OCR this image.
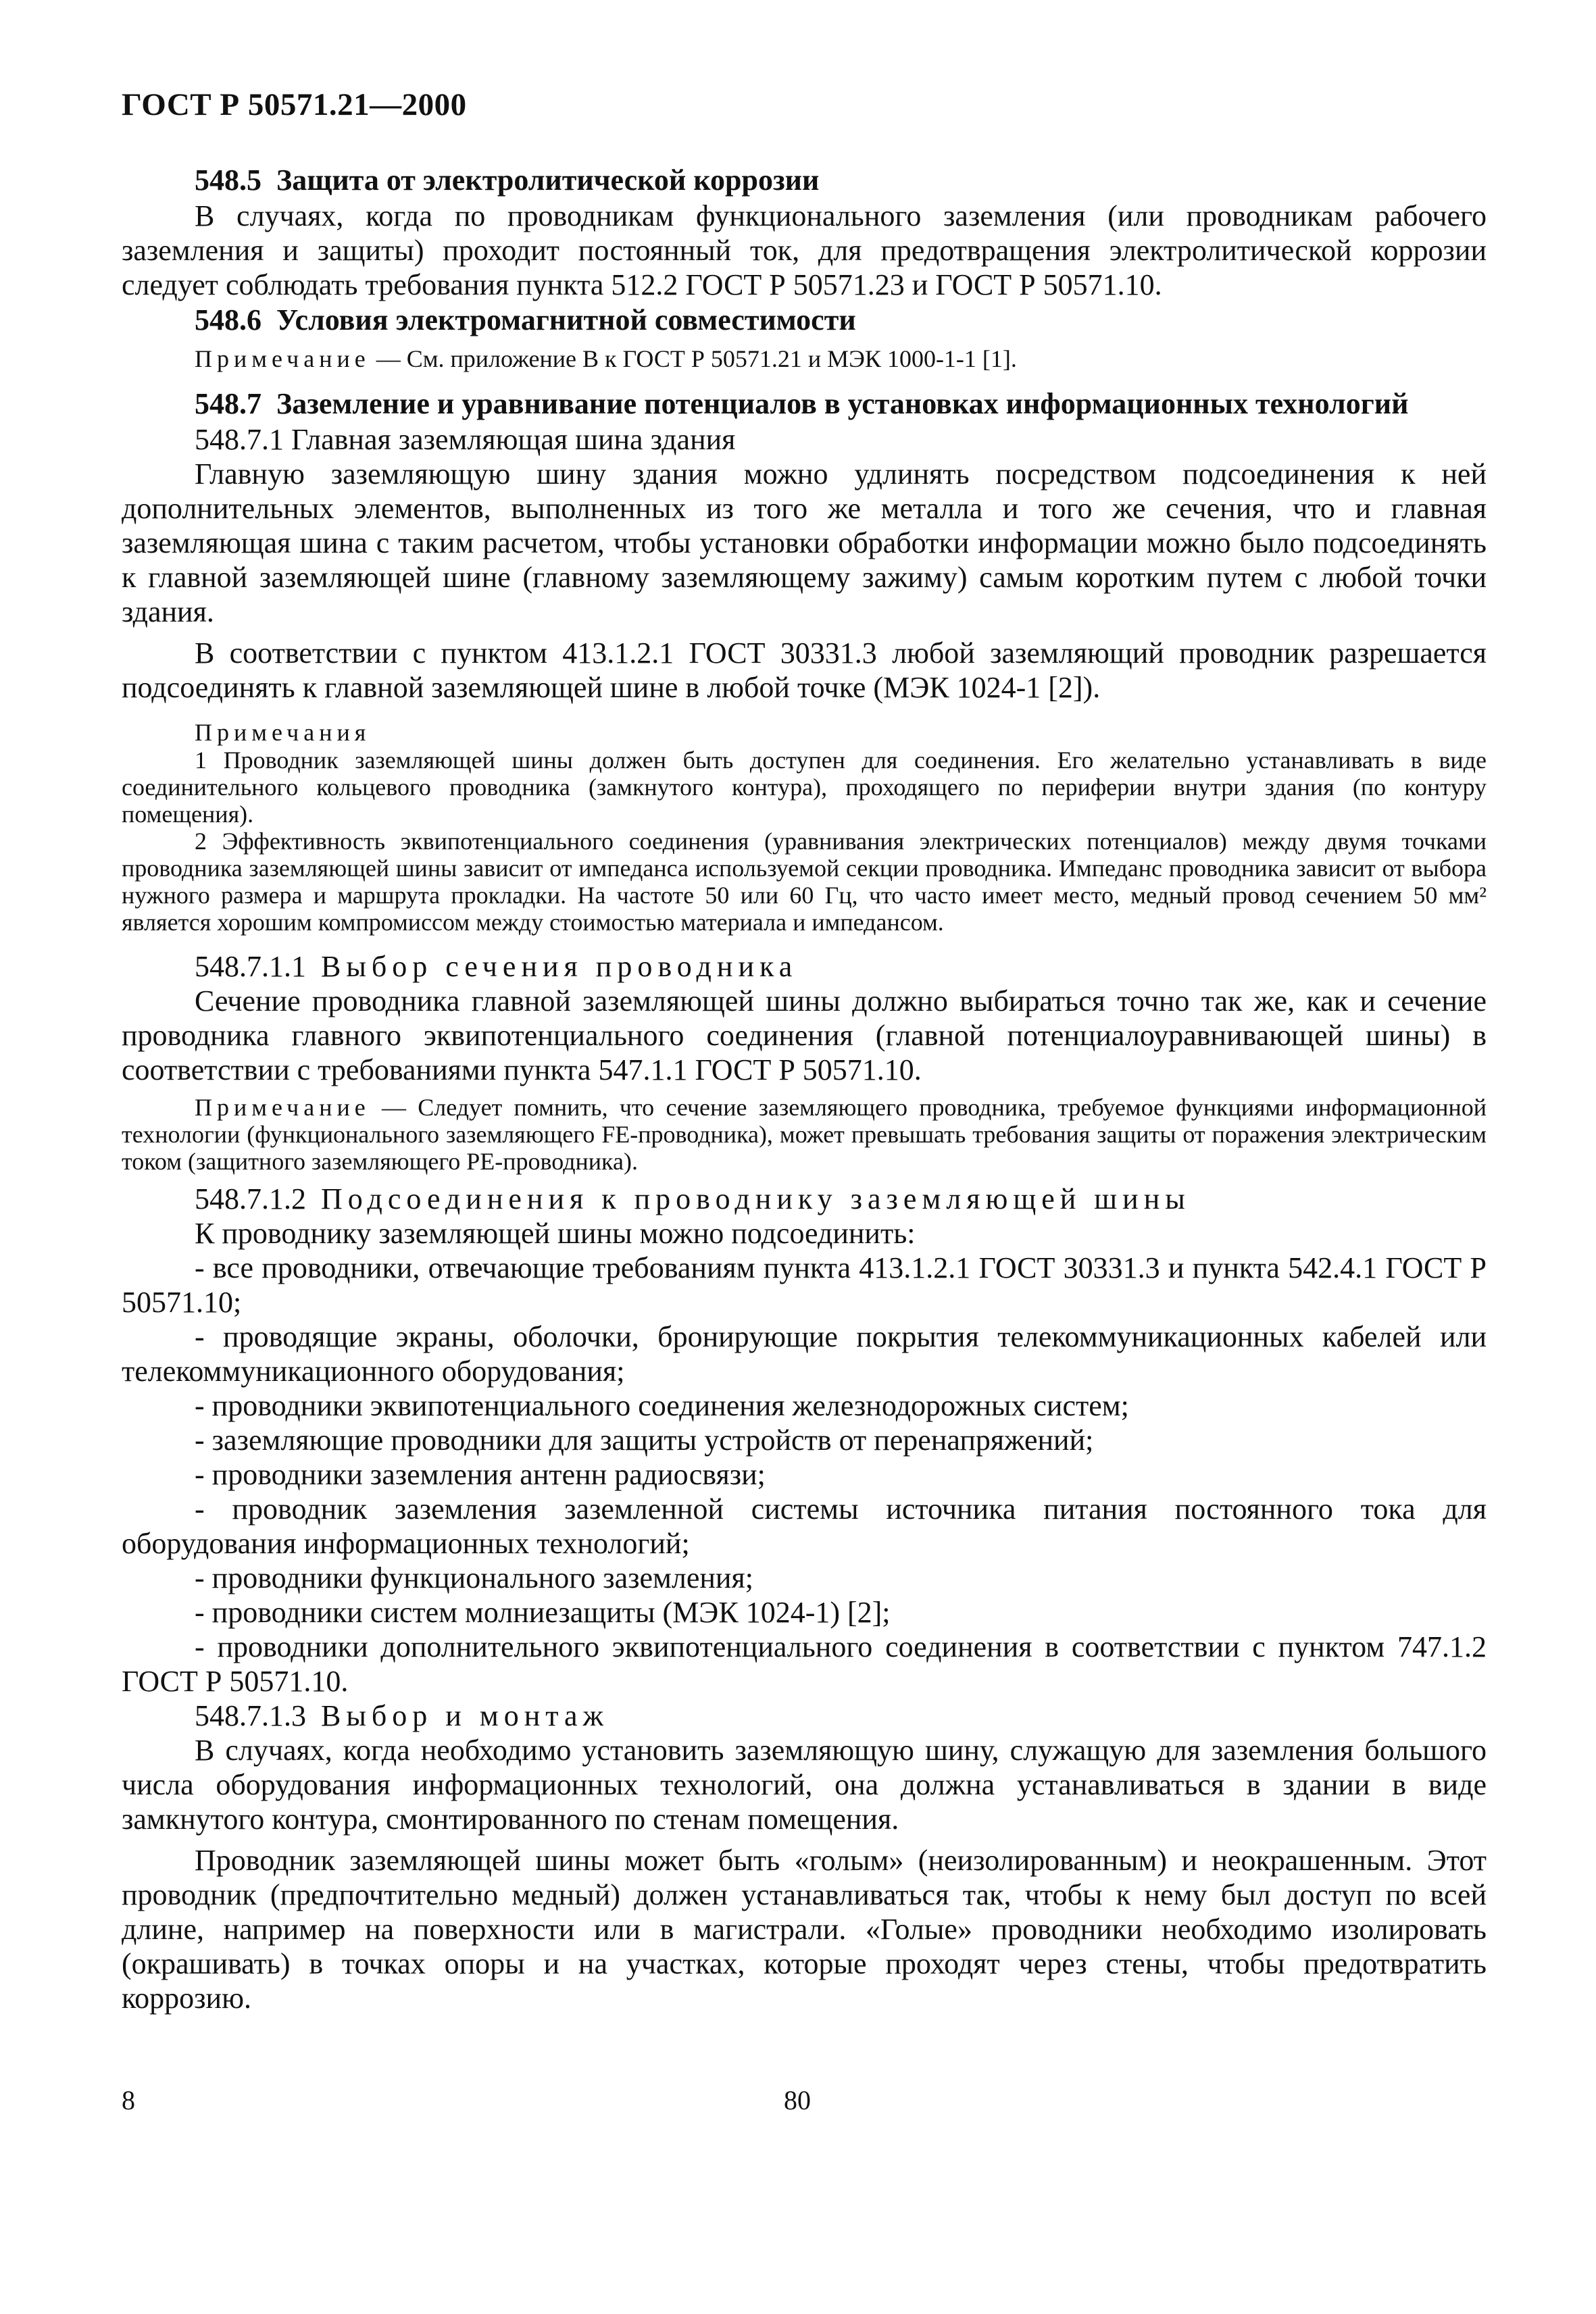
ГОСТ Р 50571.21—2000

548.5 Защита от электролитической коррозии

В случаях, когда по проводникам функционального заземления (или проводникам рабочего заземления и защиты) проходит постоянный ток, для предотвращения электролитической коррозии следует соблюдать требования пункта 512.2 ГОСТ Р 50571.23 и ГОСТ Р 50571.10.

548.6 Условия электромагнитной совместимости

Примечание — См. приложение В к ГОСТ Р 50571.21 и МЭК 1000-1-1 [1].

548.7 Заземление и уравнивание потенциалов в установках информационных технологий

548.7.1 Главная заземляющая шина здания

Главную заземляющую шину здания можно удлинять посредством подсоединения к ней дополнительных элементов, выполненных из того же металла и того же сечения, что и главная заземляющая шина с таким расчетом, чтобы установки обработки информации можно было подсоединять к главной заземляющей шине (главному заземляющему зажиму) самым коротким путем с любой точки здания.

В соответствии с пунктом 413.1.2.1 ГОСТ 30331.3 любой заземляющий проводник разрешается подсоединять к главной заземляющей шине в любой точке (МЭК 1024-1 [2]).

Примечания

1 Проводник заземляющей шины должен быть доступен для соединения. Его желательно устанавливать в виде соединительного кольцевого проводника (замкнутого контура), проходящего по периферии внутри здания (по контуру помещения).

2 Эффективность эквипотенциального соединения (уравнивания электрических потенциалов) между двумя точками проводника заземляющей шины зависит от импеданса используемой секции проводника. Импеданс проводника зависит от выбора нужного размера и маршрута прокладки. На частоте 50 или 60 Гц, что часто имеет место, медный провод сечением 50 мм² является хорошим компромиссом между стоимостью материала и импедансом.

548.7.1.1 Выбор сечения проводника

Сечение проводника главной заземляющей шины должно выбираться точно так же, как и сечение проводника главного эквипотенциального соединения (главной потенциалоуравнивающей шины) в соответствии с требованиями пункта 547.1.1 ГОСТ Р 50571.10.

Примечание — Следует помнить, что сечение заземляющего проводника, требуемое функциями информационной технологии (функционального заземляющего FE-проводника), может превышать требования защиты от поражения электрическим током (защитного заземляющего PE-проводника).

548.7.1.2 Подсоединения к проводнику заземляющей шины

К проводнику заземляющей шины можно подсоединить:

- все проводники, отвечающие требованиям пункта 413.1.2.1 ГОСТ 30331.3 и пункта 542.4.1 ГОСТ Р 50571.10;

- проводящие экраны, оболочки, бронирующие покрытия телекоммуникационных кабелей или телекоммуникационного оборудования;

- проводники эквипотенциального соединения железнодорожных систем;

- заземляющие проводники для защиты устройств от перенапряжений;

- проводники заземления антенн радиосвязи;

- проводник заземления заземленной системы источника питания постоянного тока для оборудования информационных технологий;

- проводники функционального заземления;

- проводники систем молниезащиты (МЭК 1024-1) [2];

- проводники дополнительного эквипотенциального соединения в соответствии с пунктом 747.1.2 ГОСТ Р 50571.10.

548.7.1.3 Выбор и монтаж

В случаях, когда необходимо установить заземляющую шину, служащую для заземления большого числа оборудования информационных технологий, она должна устанавливаться в здании в виде замкнутого контура, смонтированного по стенам помещения.

Проводник заземляющей шины может быть «голым» (неизолированным) и неокрашенным. Этот проводник (предпочтительно медный) должен устанавливаться так, чтобы к нему был доступ по всей длине, например на поверхности или в магистрали. «Голые» проводники необходимо изолировать (окрашивать) в точках опоры и на участках, которые проходят через стены, чтобы предотвратить коррозию.

8	80
